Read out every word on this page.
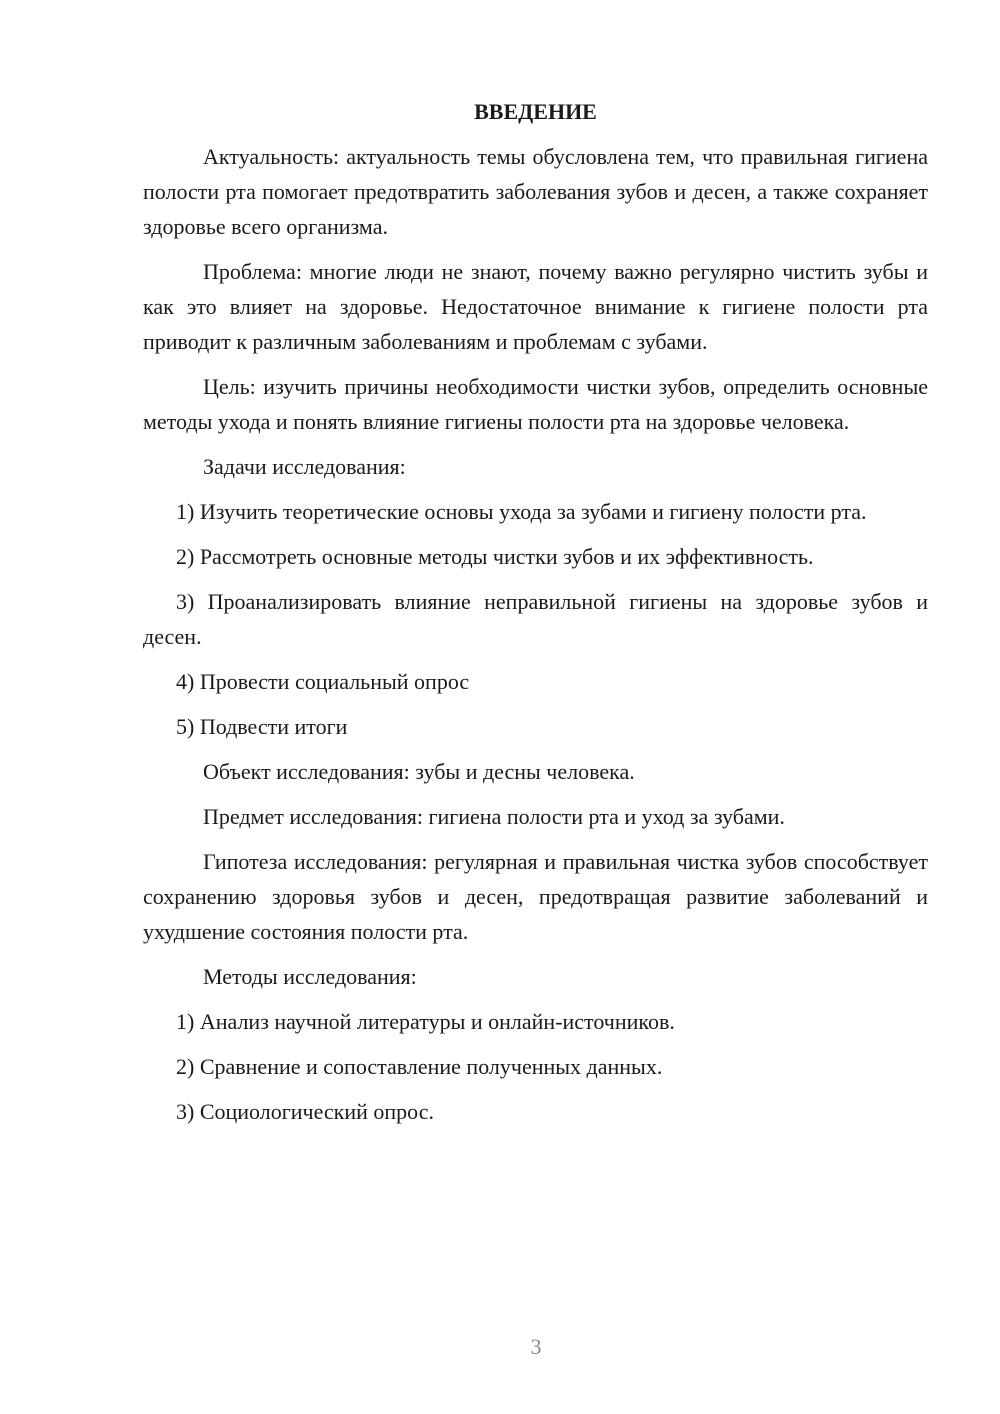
ВВЕДЕНИЕ

Актуальность: актуальность темы обусловлена тем, что правильная гигиена полости рта помогает предотвратить заболевания зубов и десен, а также сохраняет здоровье всего организма.

Проблема: многие люди не знают, почему важно регулярно чистить зубы и как это влияет на здоровье. Недостаточное внимание к гигиене полости рта приводит к различным заболеваниям и проблемам с зубами.

Цель: изучить причины необходимости чистки зубов, определить основные методы ухода и понять влияние гигиены полости рта на здоровье человека.

Задачи исследования:

1) Изучить теоретические основы ухода за зубами и гигиену полости рта.

2) Рассмотреть основные методы чистки зубов и их эффективность.

3) Проанализировать влияние неправильной гигиены на здоровье зубов и десен.

4) Провести социальный опрос

5) Подвести итоги

Объект исследования: зубы и десны человека.

Предмет исследования: гигиена полости рта и уход за зубами.

Гипотеза исследования: регулярная и правильная чистка зубов способствует сохранению здоровья зубов и десен, предотвращая развитие заболеваний и ухудшение состояния полости рта.

Методы исследования:

1) Анализ научной литературы и онлайн-источников.

2) Сравнение и сопоставление полученных данных.

3) Социологический опрос.

3
